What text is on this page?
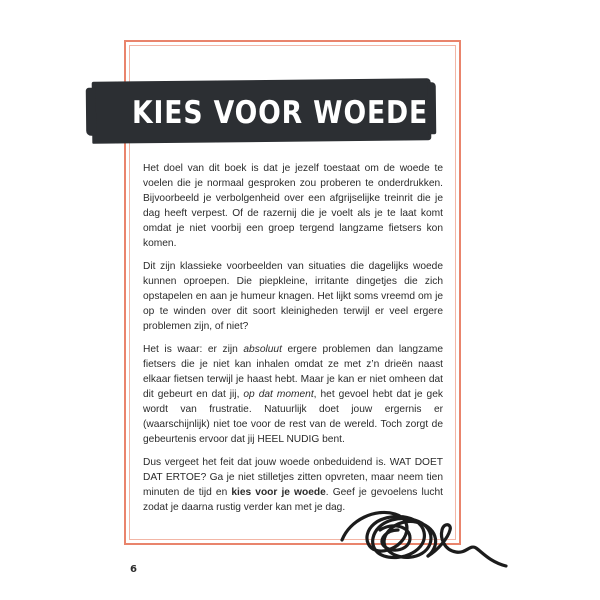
KIES VOOR WOEDE

Het doel van dit boek is dat je jezelf toestaat om de woede te voelen die je normaal gesproken zou proberen te onderdrukken. Bijvoorbeeld je verbolgenheid over een afgrijselijke treinrit die je dag heeft verpest. Of de razernij die je voelt als je te laat komt omdat je niet voorbij een groep tergend langzame fietsers kon komen.

Dit zijn klassieke voorbeelden van situaties die dagelijks woede kunnen oproepen. Die piepkleine, irritante dingetjes die zich opstapelen en aan je humeur knagen. Het lijkt soms vreemd om je op te winden over dit soort kleinigheden terwijl er veel ergere problemen zijn, of niet?

Het is waar: er zijn absoluut ergere problemen dan langzame fietsers die je niet kan inhalen omdat ze met z’n drieën naast elkaar fietsen terwijl je haast hebt. Maar je kan er niet omheen dat dit gebeurt en dat jij, op dat moment, het gevoel hebt dat je gek wordt van frustratie. Natuurlijk doet jouw ergernis er (waarschijnlijk) niet toe voor de rest van de wereld. Toch zorgt de gebeurtenis ervoor dat jij HEEL NUDIG bent.

Dus vergeet het feit dat jouw woede onbeduidend is. WAT DOET DAT ERTOE? Ga je niet stilletjes zitten opvreten, maar neem tien minuten de tijd en kies voor je woede. Geef je gevoelens lucht zodat je daarna rustig verder kan met je dag.

6
